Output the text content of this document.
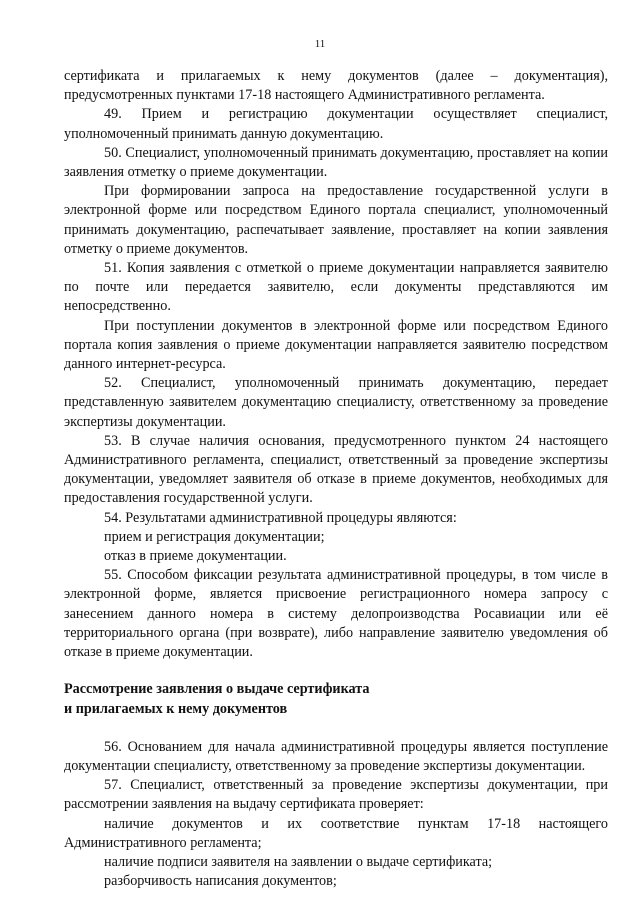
11

сертификата и прилагаемых к нему документов (далее – документация), предусмотренных пунктами 17-18 настоящего Административного регламента.

49. Прием и регистрацию документации осуществляет специалист, уполномоченный принимать данную документацию.

50. Специалист, уполномоченный принимать документацию, проставляет на копии заявления отметку о приеме документации.

При формировании запроса на предоставление государственной услуги в электронной форме или посредством Единого портала специалист, уполномоченный принимать документацию, распечатывает заявление, проставляет на копии заявления отметку о приеме документов.

51. Копия заявления с отметкой о приеме документации направляется заявителю по почте или передается заявителю, если документы представляются им непосредственно.

При поступлении документов в электронной форме или посредством Единого портала копия заявления о приеме документации направляется заявителю посредством данного интернет-ресурса.

52. Специалист, уполномоченный принимать документацию, передает представленную заявителем документацию специалисту, ответственному за проведение экспертизы документации.

53. В случае наличия основания, предусмотренного пунктом 24 настоящего Административного регламента, специалист, ответственный за проведение экспертизы документации, уведомляет заявителя об отказе в приеме документов, необходимых для предоставления государственной услуги.

54. Результатами административной процедуры являются:

прием и регистрация документации;

отказ в приеме документации.

55. Способом фиксации результата административной процедуры, в том числе в электронной форме, является присвоение регистрационного номера запросу с занесением данного номера в систему делопроизводства Росавиации или её территориального органа (при возврате), либо направление заявителю уведомления об отказе в приеме документации.

Рассмотрение заявления о выдаче сертификата

и прилагаемых к нему документов

56. Основанием для начала административной процедуры является поступление документации специалисту, ответственному за проведение экспертизы документации.

57. Специалист, ответственный за проведение экспертизы документации, при рассмотрении заявления на выдачу сертификата проверяет:

наличие документов и их соответствие пунктам 17-18 настоящего Административного регламента;

наличие подписи заявителя на заявлении о выдаче сертификата;

разборчивость написания документов;
